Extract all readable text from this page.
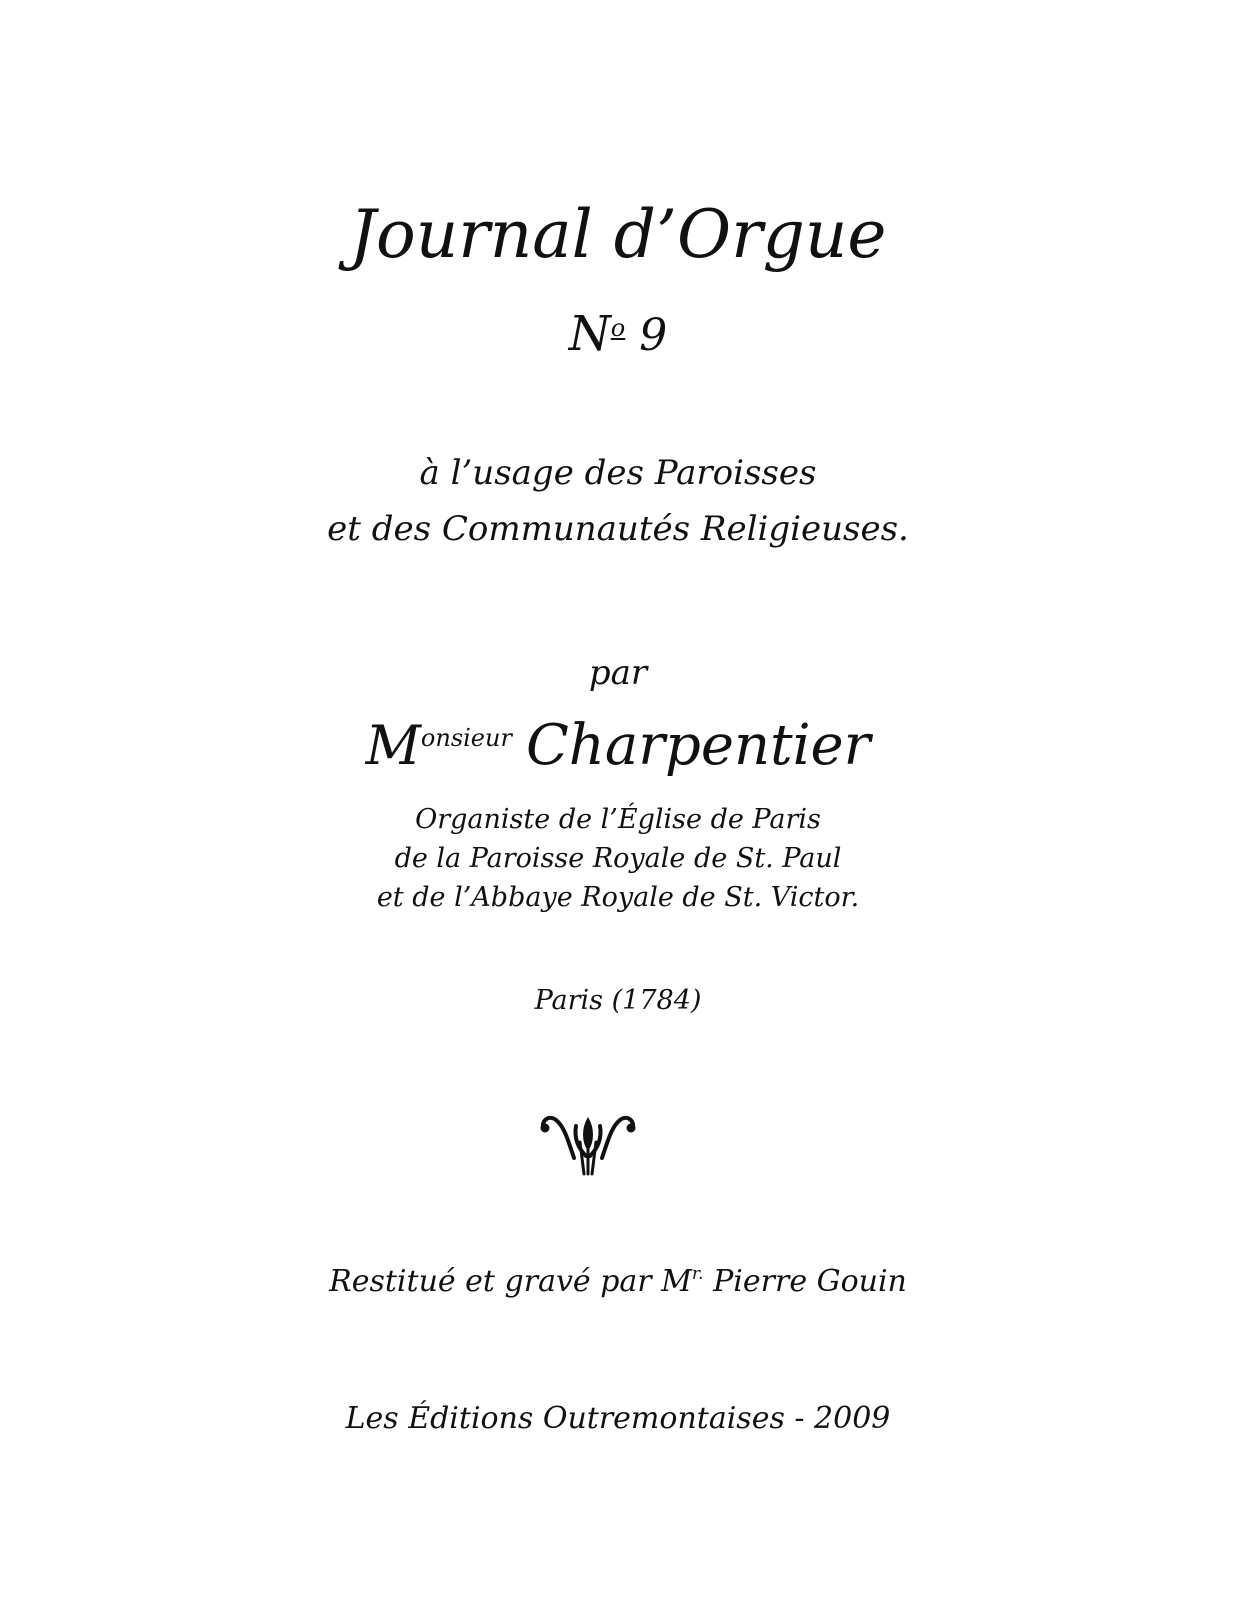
Journal d’Orgue
$N^o$ 9
à l’usage des Paroisses
et des Communautés Religieuses.
par
$M^{onsieur}$ Charpentier
Organiste de l’Église de Paris
de la Paroisse Royale de St. Paul
et de l’Abbaye Royale de St. Victor.
Paris (1784)
Restitué et gravé par $M^{r.}$ Pierre Gouin
Les Éditions Outremontaises - 2009
